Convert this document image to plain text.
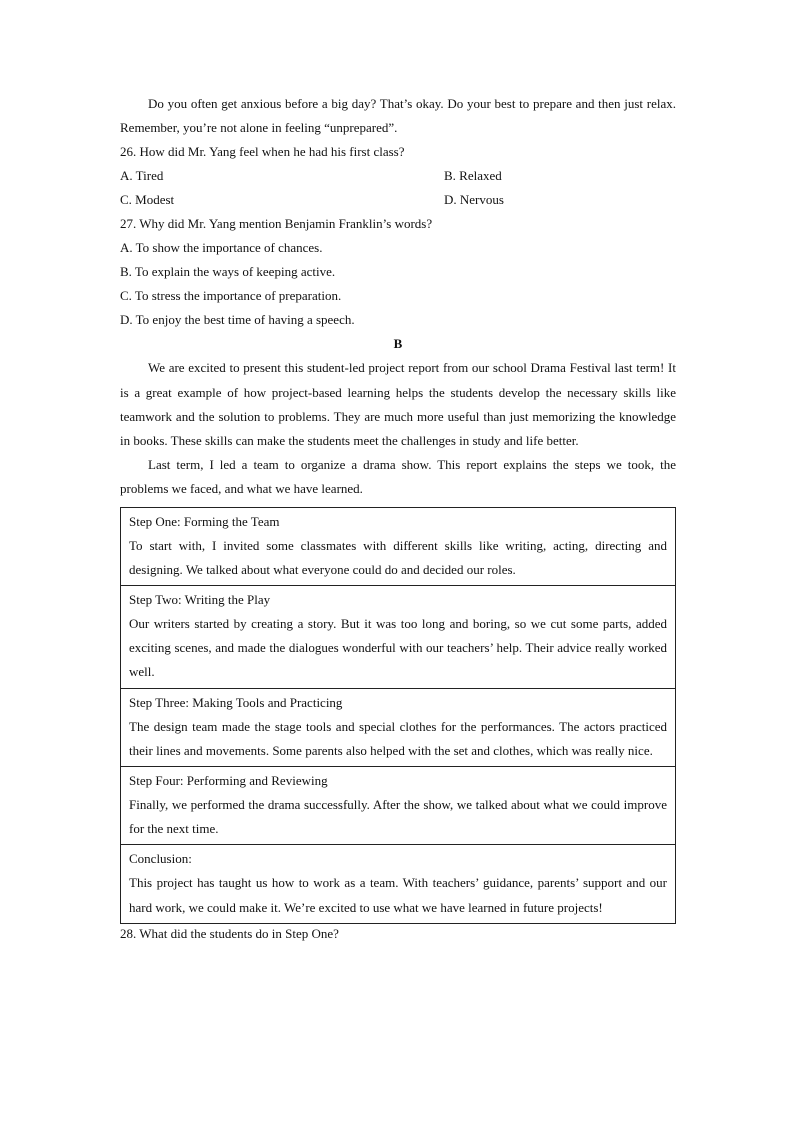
Do you often get anxious before a big day? That’s okay. Do your best to prepare and then just relax. Remember, you’re not alone in feeling “unprepared”.
26. How did Mr. Yang feel when he had his first class?
A. Tired	B. Relaxed
C. Modest	D. Nervous
27. Why did Mr. Yang mention Benjamin Franklin’s words?
A. To show the importance of chances.
B. To explain the ways of keeping active.
C. To stress the importance of preparation.
D. To enjoy the best time of having a speech.
B
We are excited to present this student-led project report from our school Drama Festival last term! It is a great example of how project-based learning helps the students develop the necessary skills like teamwork and the solution to problems. They are much more useful than just memorizing the knowledge in books. These skills can make the students meet the challenges in study and life better.
Last term, I led a team to organize a drama show. This report explains the steps we took, the problems we faced, and what we have learned.
Step One: Forming the Team
To start with, I invited some classmates with different skills like writing, acting, directing and designing. We talked about what everyone could do and decided our roles.
Step Two: Writing the Play
Our writers started by creating a story. But it was too long and boring, so we cut some parts, added exciting scenes, and made the dialogues wonderful with our teachers’ help. Their advice really worked well.
Step Three: Making Tools and Practicing
The design team made the stage tools and special clothes for the performances. The actors practiced their lines and movements. Some parents also helped with the set and clothes, which was really nice.
Step Four: Performing and Reviewing
Finally, we performed the drama successfully. After the show, we talked about what we could improve for the next time.
Conclusion:
This project has taught us how to work as a team. With teachers’ guidance, parents’ support and our hard work, we could make it. We’re excited to use what we have learned in future projects!
28. What did the students do in Step One?
